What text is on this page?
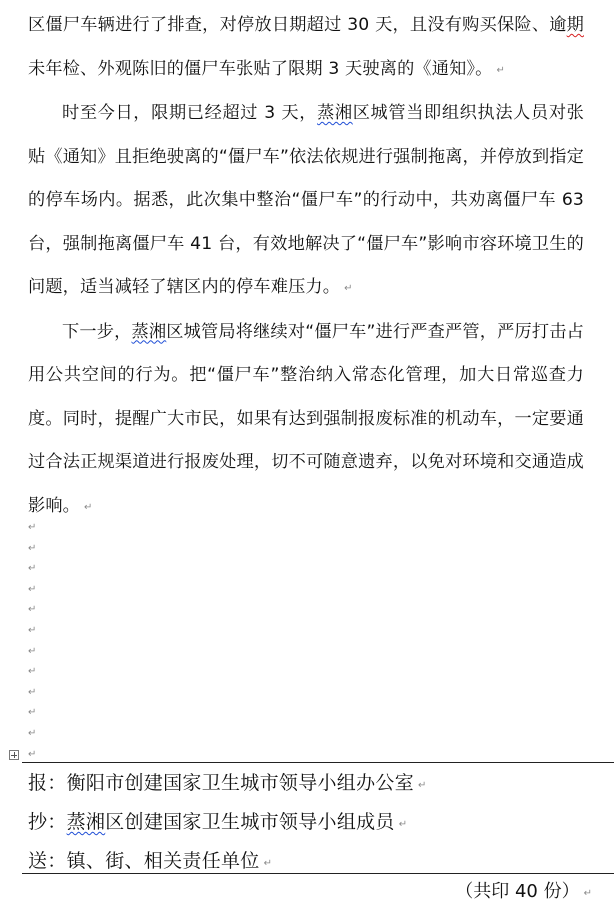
区僵尸车辆进行了排查，对停放日期超过 30 天，且没有购买保险、逾期未年检、外观陈旧的僵尸车张贴了限期 3 天驶离的《通知》。 ↵

时至今日，限期已经超过 3 天，蒸湘区城管当即组织执法人员对张贴《通知》且拒绝驶离的“僵尸车”依法依规进行强制拖离，并停放到指定的停车场内。据悉，此次集中整治“僵尸车”的行动中，共劝离僵尸车 63 台，强制拖离僵尸车 41 台，有效地解决了“僵尸车”影响市容环境卫生的问题，适当减轻了辖区内的停车难压力。 ↵

下一步，蒸湘区城管局将继续对“僵尸车”进行严查严管，严厉打击占用公共空间的行为。把“僵尸车”整治纳入常态化管理，加大日常巡查力度。同时，提醒广大市民，如果有达到强制报废标准的机动车，一定要通过合法正规渠道进行报废处理，切不可随意遗弃，以免对环境和交通造成影响。 ↵

↵
↵
↵
↵
↵
↵
↵
↵
↵
↵
↵
↵
报：衡阳市创建国家卫生城市领导小组办公室 ↵
抄：蒸湘区创建国家卫生城市领导小组成员 ↵
送：镇、街、相关责任单位 ↵
（共印 40 份） ↵
